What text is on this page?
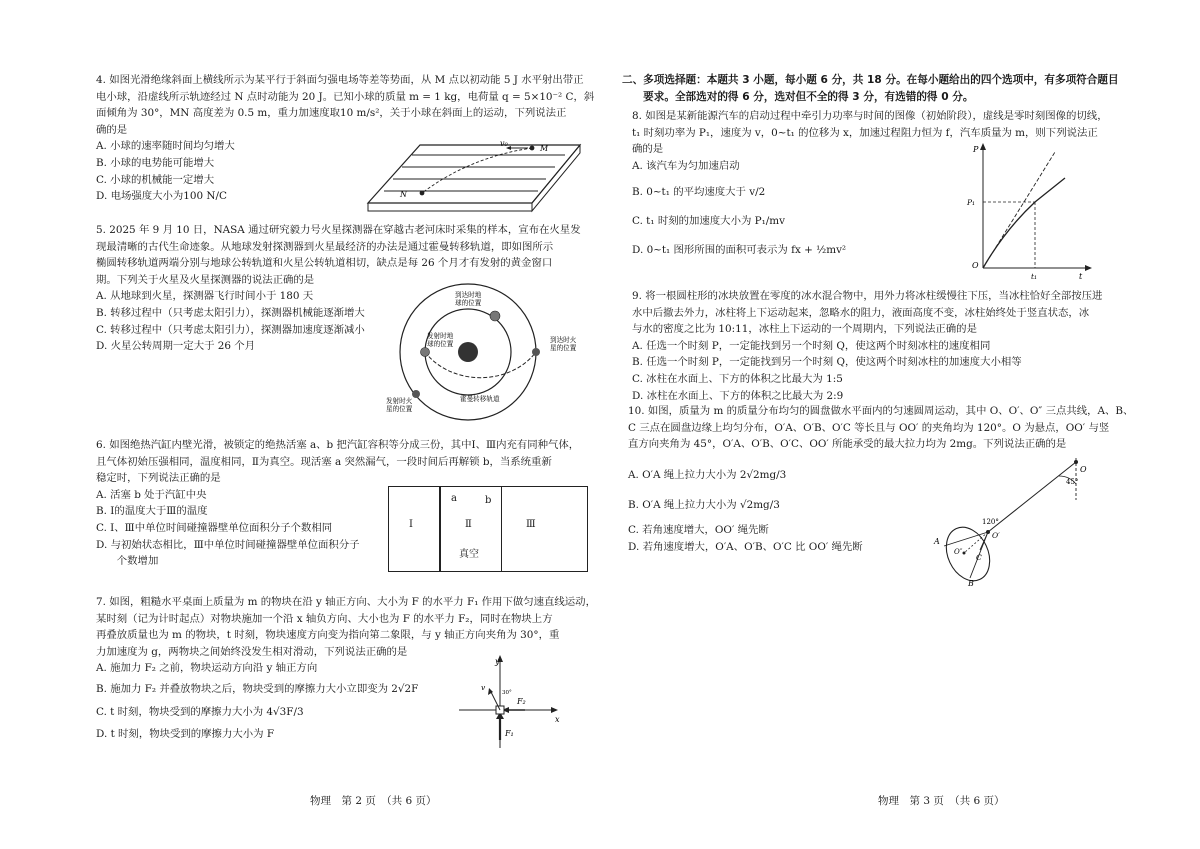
4. 如图光滑绝缘斜面上横线所示为某平行于斜面匀强电场等差等势面，从 M 点以初动能 5 J 水平射出带正

电小球，沿虚线所示轨迹经过 N 点时动能为 20 J。已知小球的质量 m = 1 kg，电荷量 q = 5×10⁻² C，斜

面倾角为 30°，MN 高度差为 0.5 m，重力加速度取10 m/s²，关于小球在斜面上的运动，下列说法正

确的是

A. 小球的速率随时间均匀增大

B. 小球的电势能可能增大

C. 小球的机械能一定增大

D. 电场强度大小为100 N/C

v₀
M
N

5. 2025 年 9 月 10 日，NASA 通过研究毅力号火星探测器在穿越古老河床时采集的样本，宣布在火星发

现最清晰的古代生命迹象。从地球发射探测器到火星最经济的办法是通过霍曼转移轨道，即如图所示

椭圆转移轨道两端分别与地球公转轨道和火星公转轨道相切，缺点是每 26 个月才有发射的黄金窗口

期。下列关于火星及火星探测器的说法正确的是

A. 从地球到火星，探测器飞行时间小于 180 天

B. 转移过程中（只考虑太阳引力），探测器机械能逐渐增大

C. 转移过程中（只考虑太阳引力），探测器加速度逐渐减小

D. 火星公转周期一定大于 26 个月

到达时地
球的位置
发射时地
球的位置	到达时火
星的位置
发射时火
星的位置
霍曼转移轨道

6. 如图绝热汽缸内壁光滑，被锁定的绝热活塞 a、b 把汽缸容积等分成三份，其中Ⅰ、Ⅲ内充有同种气体，

且气体初始压强相同，温度相同，Ⅱ为真空。现活塞 a 突然漏气，一段时间后再解锁 b，当系统重新

稳定时，下列说法正确的是

A. 活塞 b 处于汽缸中央

B. Ⅰ的温度大于Ⅲ的温度

C. Ⅰ、Ⅲ中单位时间碰撞器壁单位面积分子个数相同

D. 与初始状态相比，Ⅲ中单位时间碰撞器壁单位面积分子

　　个数增加

Ⅰ
a	b
Ⅱ
真空
Ⅲ

7. 如图，粗糙水平桌面上质量为 m 的物块在沿 y 轴正方向、大小为 F 的水平力 F₁ 作用下做匀速直线运动，

某时刻（记为计时起点）对物块施加一个沿 x 轴负方向、大小也为 F 的水平力 F₂，同时在物块上方

再叠放质量也为 m 的物块，t 时刻，物块速度方向变为指向第二象限，与 y 轴正方向夹角为 30°，重

力加速度为 g，两物块之间始终没发生相对滑动，下列说法正确的是

A. 施加力 F₂ 之前，物块运动方向沿 y 轴正方向

B. 施加力 F₂ 并叠放物块之后，物块受到的摩擦力大小立即变为 2√2F

C. t 时刻，物块受到的摩擦力大小为 4√3F/3

D. t 时刻，物块受到的摩擦力大小为 F

y
x
v
F₂
F₁
30°
物理　第 2 页　（共 6 页）
二、多项选择题：本题共 3 小题，每小题 6 分，共 18 分。在每小题给出的四个选项中，有多项符合题目
　　要求。全部选对的得 6 分，选对但不全的得 3 分，有选错的得 0 分。

8. 如图是某新能源汽车的启动过程中牵引力功率与时间的图像（初始阶段），虚线是零时刻图像的切线，

t₁ 时刻功率为 P₁，速度为 v，0~t₁ 的位移为 x，加速过程阻力恒为 f，汽车质量为 m，则下列说法正

确的是

A. 该汽车为匀加速启动

B. 0~t₁ 的平均速度大于 v/2

C. t₁ 时刻的加速度大小为 P₁/mv

D. 0~t₁ 图形所围的面积可表示为 fx + ½mv²

P
P₁
O
t₁	t

9. 将一根圆柱形的冰块放置在零度的冰水混合物中，用外力将冰柱缓慢往下压，当冰柱恰好全部按压进

水中后撤去外力，冰柱将上下运动起来，忽略水的阻力，液面高度不变，冰柱始终处于竖直状态，冰

与水的密度之比为 10:11，冰柱上下运动的一个周期内，下列说法正确的是

A. 任选一个时刻 P，一定能找到另一个时刻 Q，使这两个时刻冰柱的速度相同

B. 任选一个时刻 P，一定能找到另一个时刻 Q，使这两个时刻冰柱的加速度大小相等

C. 冰柱在水面上、下方的体积之比最大为 1:5

D. 冰柱在水面上、下方的体积之比最大为 2:9

10. 如图，质量为 m 的质量分布均匀的圆盘做水平面内的匀速圆周运动，其中 O、O′、O″ 三点共线，A、B、

C 三点在圆盘边缘上均匀分布，O′A、O′B、O′C 等长且与 OO′ 的夹角均为 120°。O 为悬点，OO′ 与竖

直方向夹角为 45°，O′A、O′B、O′C、OO′ 所能承受的最大拉力均为 2mg。下列说法正确的是

A. O′A 绳上拉力大小为 2√2mg/3

B. O′A 绳上拉力大小为 √2mg/3

C. 若角速度增大，OO′ 绳先断

D. 若角速度增大，O′A、O′B、O′C 比 OO′ 绳先断

O
45°
120°
O′
O″
A
B
C
物理　第 3 页　（共 6 页）
